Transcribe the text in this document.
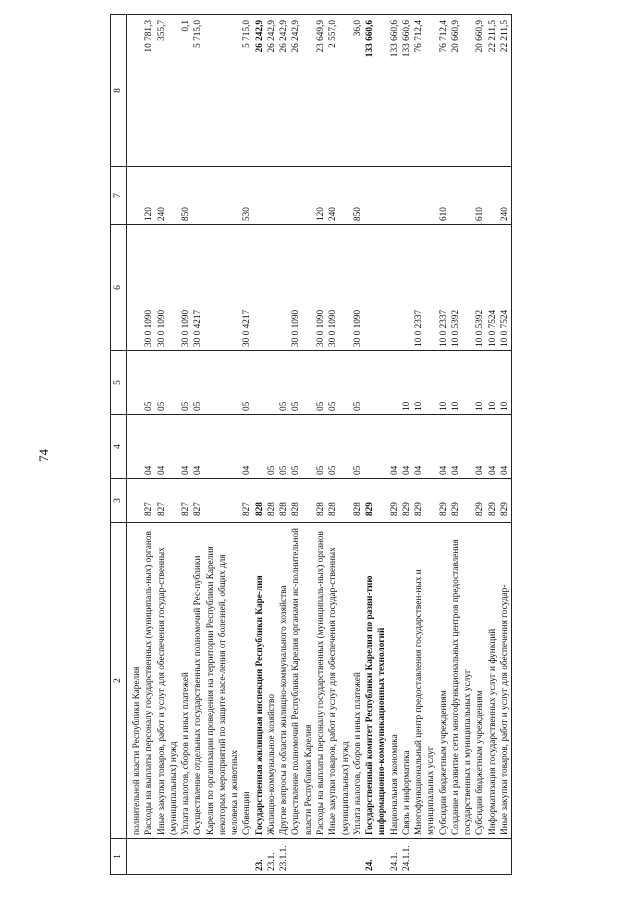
74
1	2	3	4	5	6	7	8
	полнительной власти Республики Карелия						
	Расходы на выплаты персоналу государственных (муниципаль-ных) органов	827	04	05	30 0 1090	120	10 781,3
	Иные закупки товаров, работ и услуг для обеспечения государ-ственных (муниципальных) нужд	827	04	05	30 0 1090	240	355,7
	Уплата налогов, сборов и иных платежей	827	04	05	30 0 1090	850	0,1
	Осуществление отдельных государственных полномочий Рес-публики Карелия по организации проведения на территории Республики Карелия некоторых мероприятий по защите насе-ления от болезней, общих для человека и животных	827	04	05	30 0 4217		5 715,0
	Субвенции	827	04	05	30 0 4217	530	5 715,0
23.	Государственная жилищная инспекция Республики Каре-лия	828					26 242,9
23.1.	Жилищно-коммунальное хозяйство	828	05				26 242,9
23.1.1.	Другие вопросы в области жилищно-коммунального хозяйства	828	05	05			26 242,9
	Осуществление полномочий Республики Карелия органами ис-полнительной власти Республики Карелия	828	05	05	30 0 1090		26 242,9
	Расходы на выплаты персоналу государственных (муниципаль-ных) органов	828	05	05	30 0 1090	120	23 649,9
	Иные закупки товаров, работ и услуг для обеспечения государ-ственных (муниципальных) нужд	828	05	05	30 0 1090	240	2 557,0
	Уплата налогов, сборов и иных платежей	828	05	05	30 0 1090	850	36,0
24.	Государственный комитет Республики Карелия по разви-тию информационно-коммуникационных технологий	829					133 660,6
24.1.	Национальная экономика	829	04				133 660,6
24.1.1.	Связь и информатика	829	04	10			133 660,6
	Многофункциональный центр предоставления государствен-ных и муниципальных услуг	829	04	10	10 0 2337		76 712,4
	Субсидии бюджетным учреждениям	829	04	10	10 0 2337	610	76 712,4
	Создание и развитие сети многофункциональных центров предоставления государственных и муниципальных услуг	829	04	10	10 0 5392		20 660,9
	Субсидии бюджетным учреждениям	829	04	10	10 0 5392	610	20 660,9
	Информатизация государственных услуг и функций	829	04	10	10 0 7524		22 211,5
	Иные закупки товаров, работ и услуг для обеспечения государ-	829	04	10	10 0 7524	240	22 211,5
